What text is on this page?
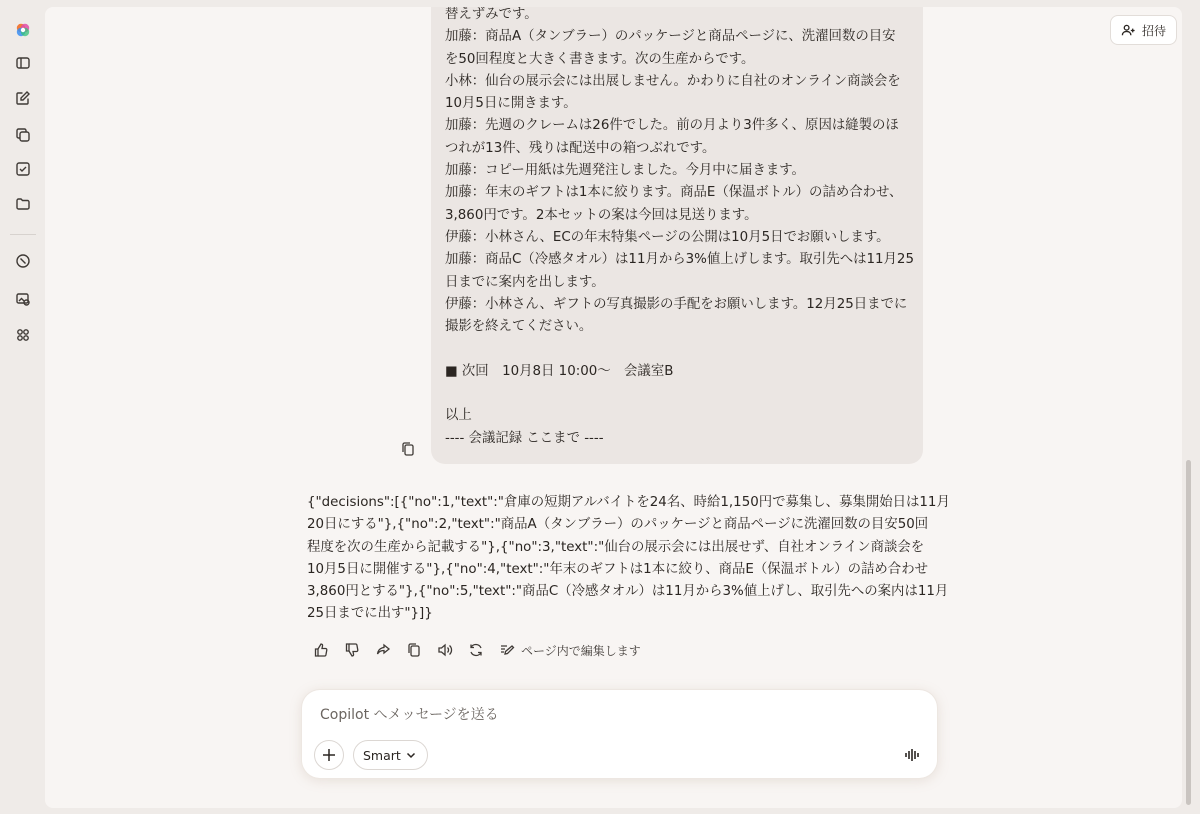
招待
替えずみです。
加藤：商品A（タンブラー）のパッケージと商品ページに、洗濯回数の目安
を50回程度と大きく書きます。次の生産からです。
小林：仙台の展示会には出展しません。かわりに自社のオンライン商談会を
10月5日に開きます。
加藤：先週のクレームは26件でした。前の月より3件多く、原因は縫製のほ
つれが13件、残りは配送中の箱つぶれです。
加藤：コピー用紙は先週発注しました。今月中に届きます。
加藤：年末のギフトは1本に絞ります。商品E（保温ボトル）の詰め合わせ、
3,860円です。2本セットの案は今回は見送ります。
伊藤：小林さん、ECの年末特集ページの公開は10月5日でお願いします。
加藤：商品C（冷感タオル）は11月から3%値上げします。取引先へは11月25
日までに案内を出します。
伊藤：小林さん、ギフトの写真撮影の手配をお願いします。12月25日までに
撮影を終えてください。
■ 次回　10月8日 10:00〜　会議室B
以上
---- 会議記録 ここまで ----
{"decisions":[{"no":1,"text":"倉庫の短期アルバイトを24名、時給1,150円で募集し、募集開始日は11月
20日にする"},{"no":2,"text":"商品A（タンブラー）のパッケージと商品ページに洗濯回数の目安50回
程度を次の生産から記載する"},{"no":3,"text":"仙台の展示会には出展せず、自社オンライン商談会を
10月5日に開催する"},{"no":4,"text":"年末のギフトは1本に絞り、商品E（保温ボトル）の詰め合わせ
3,860円とする"},{"no":5,"text":"商品C（冷感タオル）は11月から3%値上げし、取引先への案内は11月
25日までに出す"}]}
ページ内で編集します
Copilot へメッセージを送る
Smart
